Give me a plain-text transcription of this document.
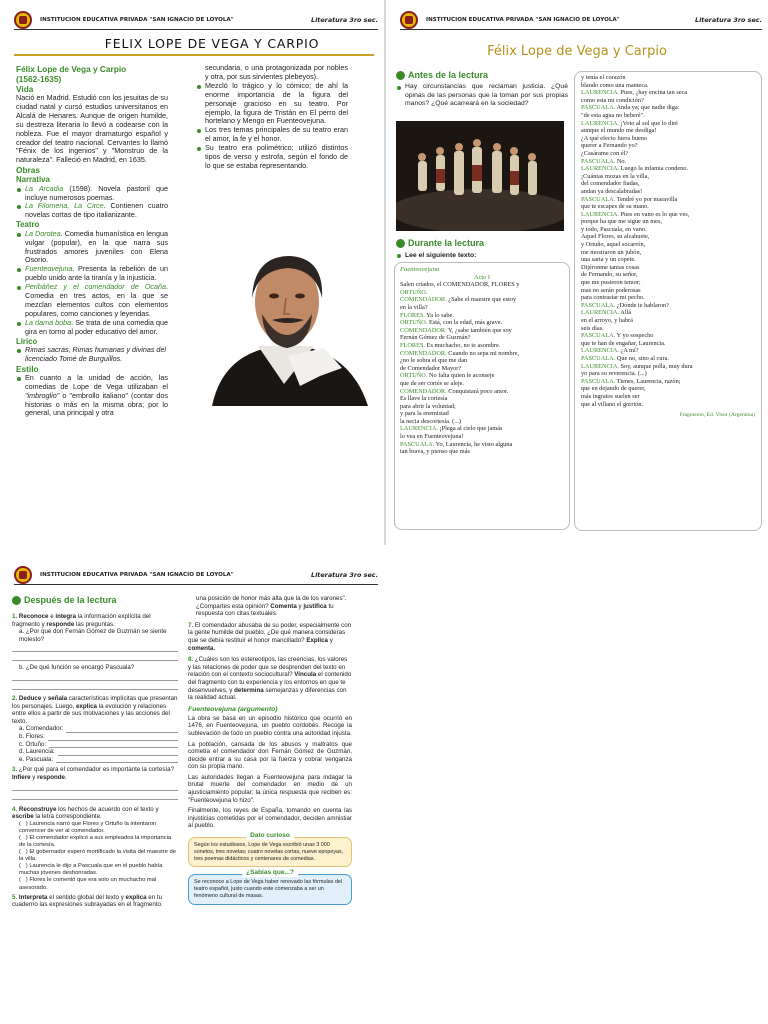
INSTITUCION EDUCATIVA PRIVADA "SAN IGNACIO DE LOYOLA"	Literatura 3ro sec.
FELIX LOPE DE VEGA Y CARPIO
Félix Lope de Vega y Carpio
(1562-1635)
Vida

Nació en Madrid. Estudió con los jesuitas de su ciudad natal y cursó estudios universitarios en Alcalá de Henares. Aunque de origen humilde, su destreza literaria lo llevó a codearse con la nobleza. Fue el mayor dramaturgo español y creador del teatro nacional. Cervantes lo llamó "Fénix de los ingenios" y "Monstruo de la naturaleza". Falleció en Madrid, en 1635.

Obras
Narrativa
La Arcadia (1598). Novela pastoril que incluye numerosos poemas.
La Filomena, La Circe. Contienen cuatro novelas cortas de tipo italianizante.
Teatro
La Dorotea. Comedia humanística en lengua vulgar (popular), en la que narra sus frustrados amores juveniles con Elena Osorio.
Fuenteovejuna. Presenta la rebelión de un pueblo unido ante la tiranía y la injusticia.
Peribáñez y el comendador de Ocaña. Comedia en tres actos, en la que se mezclan elementos cultos con elementos populares, como canciones y leyendas.
La dama boba. Se trata de una comedia que gira en torno al poder educativo del amor.
Lírico
Rimas sacras, Rimas humanas y divinas del licenciado Tomé de Burguillos.
Estilo
En cuanto a la unidad de acción, las comedias de Lope de Vega utilizaban el "imbroglio" o "embrollo italiano" (contar dos historias o más en la misma obra; por lo general, una principal y otra

secundaria, o una protagonizada por nobles y otra, por sus sirvientes plebeyos).

Mezcló lo trágico y lo cómico; de ahí la enorme importancia de la figura del personaje gracioso en su teatro. Por ejemplo, la figura de Tristán en El perro del hortelano y Mengo en Fuenteovejuna.
Los tres temas principales de su teatro eran el amor, la fe y el honor.
Su teatro era polimétrico; utilizó distintos tipos de verso y estrofa, según el fondo de lo que se estaba representando.
INSTITUCION EDUCATIVA PRIVADA "SAN IGNACIO DE LOYOLA"	Literatura 3ro sec.
Félix Lope de Vega y Carpio
Antes de la lectura
Hay circunstancias que reclaman justicia. ¿Qué opinas de las personas que la toman por sus propias manos? ¿Qué acarreará en la sociedad?
Durante la lectura
Lee el siguiente texto:
Fuenteovejuna
Acto I
Salen criados, el COMENDADOR, FLORES y
ORTUÑO.
COMENDADOR. ¿Sabe el maestre que estoy
en la villa?
FLORES. Ya lo sabe.
ORTUÑO. Está, con la edad, más grave.
COMENDADOR. Y, ¿sabe también que soy
Fernán Gómez de Guzmán?
FLORES. Es muchacho, no te asombre.
COMENDADOR. Cuando no sepa mi nombre,
¿no le sobra el que me dan
de Comendador Mayor?
ORTUÑO. No falta quien le aconseje
que de ser cortés se aleje.
COMENDADOR. Conquistará poco amor.
Es llave la cortesía
para abrir la voluntad;
y para la enemistad
la necia descortesía. (...)
LAURENCIA. ¡Plega al cielo que jamás
lo vea en Fuenteovejuna!
PASCUALA. Yo, Laurencia, he visto alguna
tan brava, y pienso que más
y tenía el corazón
blando como una manteca.
LAURENCIA. Pues, ¿hay encina tan seca
como esta mi condición?
PASCUALA. Anda ya; que nadie diga:
"de esta agua no beberé".
LAURENCIA. ¡Voto al sol que lo diré
aunque el mundo me desdiga!
¿A qué efecto fuera bueno
querer a Fernando yo?
¿Casárame con él?
PASCUALA. No.
LAURENCIA. Luego la infamia condeno.
¡Cuántas mozas en la villa,
del comendador fiadas,
andan ya descalabradas!
PASCUALA. Tendré yo por maravilla
que te escapes de su mano.
LAURENCIA. Pues en vano es lo que ves,
porque ha que me sigue un mes,
y todo, Pascuala, en vano.
Aquel Flores, su alcahuete,
y Ortuño, aquel socarrón,
me mostraron un jubón,
una sarta y un copete.
Dijéronme tantas cosas
de Fernando, su señor,
que me pusieron temor;
mas no serán poderosas
para contrastar mi pecho.
PASCUALA. ¿Dónde te hablaron?
LAURENCIA. Allá
en el arroyo, y habrá
seis días.
PASCUALA. Y yo sospecho
que te han de engañar, Laurencia.
LAURENCIA. ¿A mí?
PASCUALA. Que no, sino al cura.
LAURENCIA. Soy, aunque polla, muy dura
yo para su reverencia. (...)
PASCUALA. Tienes, Laurencia, razón;
que en dejando de querer,
más ingratos suelen ser
que al villano el gorrión.
Fragmento, Ed. Visor (Argentina)
INSTITUCION EDUCATIVA PRIVADA "SAN IGNACIO DE LOYOLA"	Literatura 3ro sec.
Después de la lectura
1. Reconoce e integra la información explícita del fragmento y responde las preguntas.
a. ¿Por qué don Fernán Gómez de Guzmán se siente molesto?
b. ¿De qué función se encargó Pascuala?
2. Deduce y señala características implícitas que presentan los personajes. Luego, explica la evolución y relaciones entre ellos a partir de sus motivaciones y las acciones del texto.
a. Comendador:
b. Flores:
c. Ortuño:
d. Laurencia:
e. Pascuala:
3. ¿Por qué para el comendador es importante la cortesía? Infiere y responde.
4. Reconstruye los hechos de acuerdo con el texto y escribe la letra correspondiente.
(   ) Laurencia narró que Flores y Ortuño la intentaron convencer de ver al comendador.
(   ) El comendador explicó a sus empleados la importancia de la cortesía.
(   ) El gobernador esperó mortificado la visita del maestre de la villa.
(   ) Laurencia le dijo a Pascuala que en el pueblo había muchas jóvenes deshonradas.
(   ) Flores le comentó que era solo un muchacho mal asesorado.
5. Interpreta el sentido global del texto y explica en tu cuaderno las expresiones subrayadas en el fragmento.
una posición de honor más alta que la de los varones". ¿Compartes esta opinión? Comenta y justifica tu respuesta con citas textuales.
7. El comendador abusaba de su poder, especialmente con la gente humilde del pueblo. ¿De qué manera consideras que se debía restituir el honor mancillado? Explica y comenta.
8. ¿Cuáles son los estereotipos, las creencias, los valores y las relaciones de poder que se desprenden del texto en relación con el contexto sociocultural? Vincula el contenido del fragmento con tu experiencia y los entornos en que te desenvuelves, y determina semejanzas y diferencias con la realidad actual.
Fuenteovejuna (argumento)

La obra se basa en un episodio histórico que ocurrió en 1476, en Fuenteovejuna, un pueblo cordobés. Recoge la sublevación de todo un pueblo contra una autoridad injusta.

La población, cansada de los abusos y maltratos que cometía el comendador don Fernán Gómez de Guzmán, decide entrar a su casa por la fuerza y cobrar venganza con su propia mano.

Las autoridades llegan a Fuenteovejuna para indagar la brutal muerte del comendador en medio de un ajusticiamiento popular; la única respuesta que reciben es: "Fuenteovejuna lo hizo".

Finalmente, los reyes de España, tomando en cuenta las injusticias cometidas por el comendador, deciden amnistiar al pueblo.

Dato curioso
Según los estudiosos, Lope de Vega escribió unas 3 000 sonetos, tres novelas; cuatro novelas cortas, nueve epopeyas, tres poemas didácticos y centenares de comedias.
¿Sabías que...?
Se reconoce a Lope de Vega haber renovado las fórmulas del teatro español, justo cuando este comenzaba a ser un fenómeno cultural de masas.
